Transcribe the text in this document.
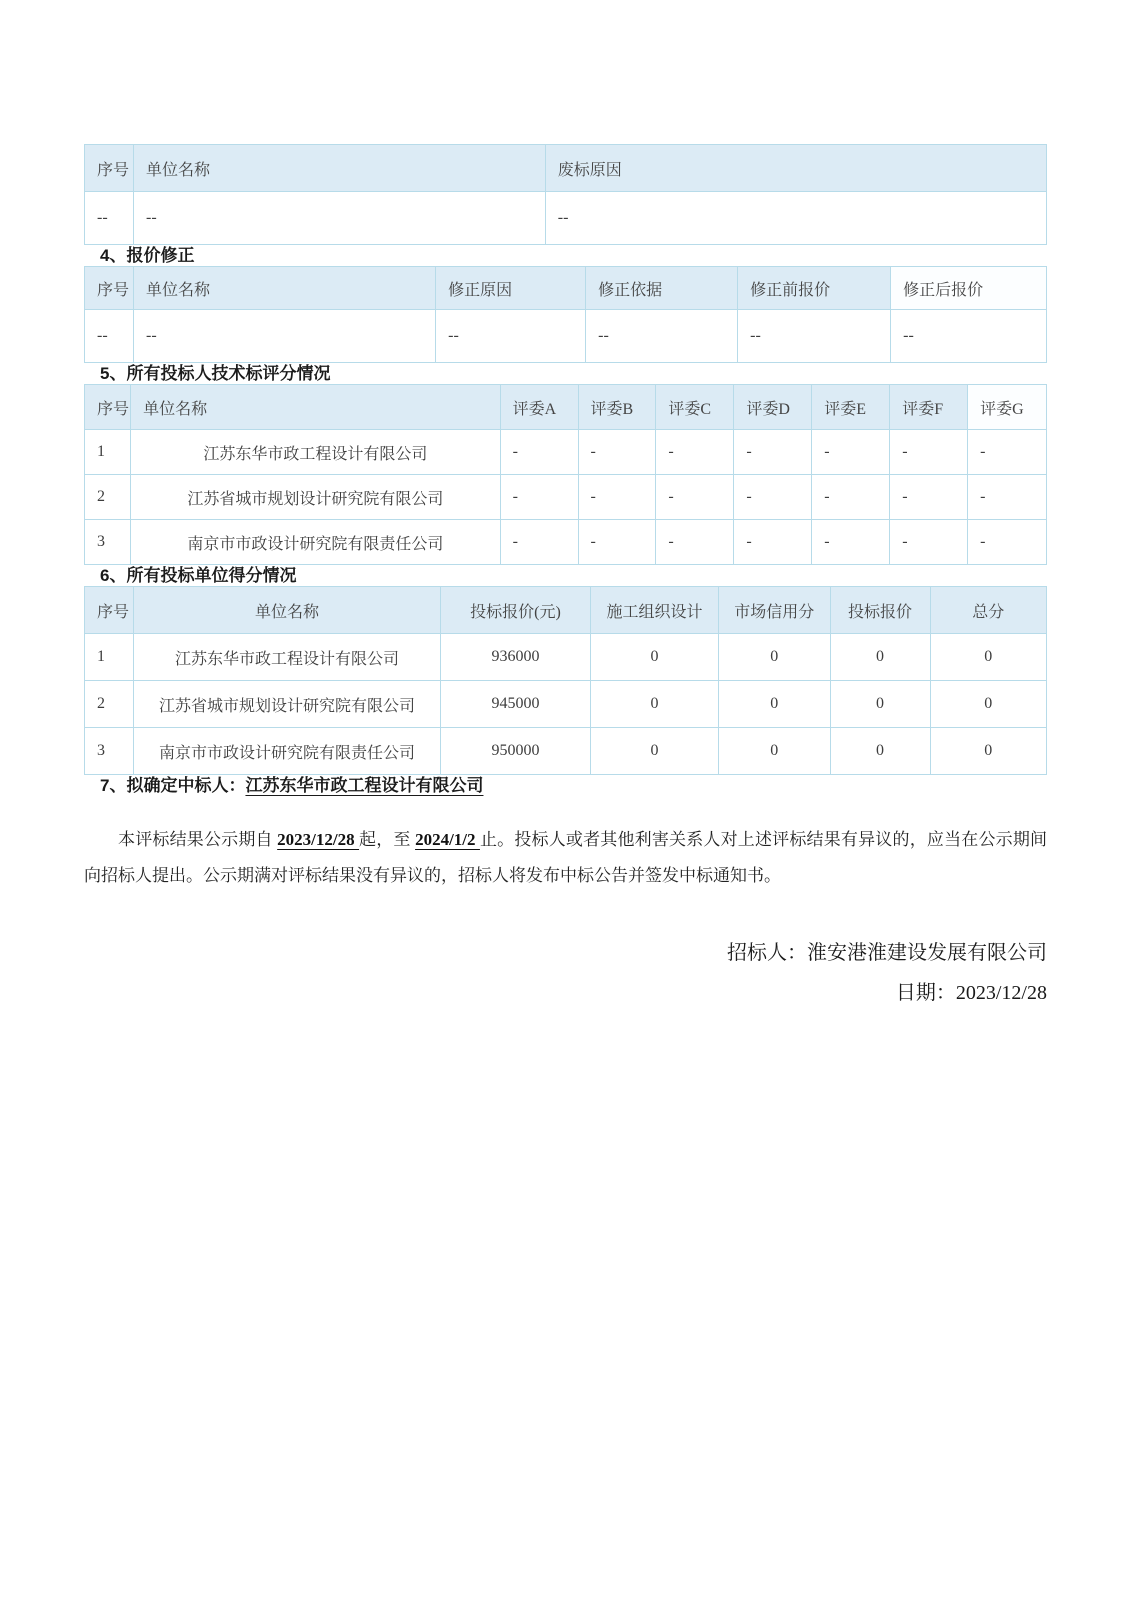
序号	单位名称	废标原因
--	--	--
4、报价修正
序号	单位名称	修正原因	修正依据	修正前报价	修正后报价
--	--	--	--	--	--
5、所有投标人技术标评分情况
序号	单位名称	评委A	评委B	评委C	评委D	评委E	评委F	评委G
1	江苏东华市政工程设计有限公司	-	-	-	-	-	-	-
2	江苏省城市规划设计研究院有限公司	-	-	-	-	-	-	-
3	南京市市政设计研究院有限责任公司	-	-	-	-	-	-	-
6、所有投标单位得分情况
序号	单位名称	投标报价(元)	施工组织设计	市场信用分	投标报价	总分
1	江苏东华市政工程设计有限公司	936000	0	0	0	0
2	江苏省城市规划设计研究院有限公司	945000	0	0	0	0
3	南京市市政设计研究院有限责任公司	950000	0	0	0	0
7、拟确定中标人：江苏东华市政工程设计有限公司

本评标结果公示期自 2023/12/28 起，至 2024/1/2 止。投标人或者其他利害关系人对上述评标结果有异议的，应当在公示期间向招标人提出。公示期满对评标结果没有异议的，招标人将发布中标公告并签发中标通知书。

招标人：淮安港淮建设发展有限公司
日期：2023/12/28
